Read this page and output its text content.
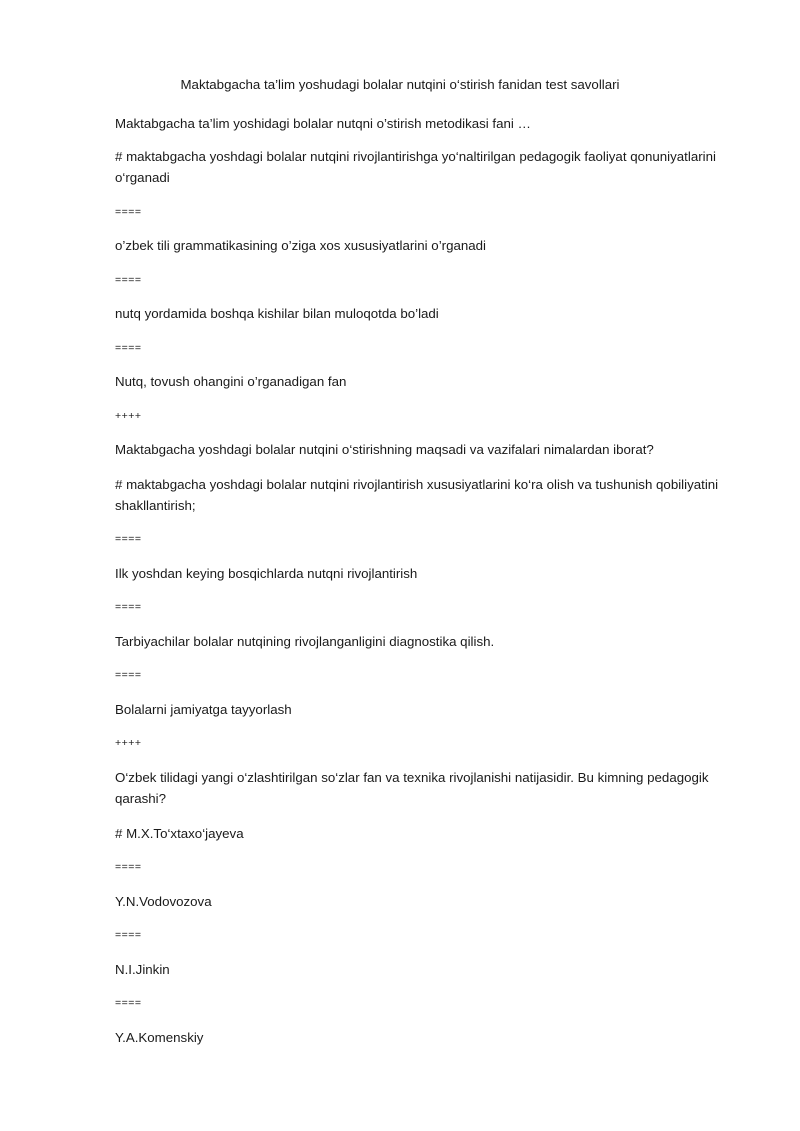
Maktabgacha ta’lim yoshudagi bolalar nutqini o‘stirish fanidan test savollari

Maktabgacha ta’lim yoshidagi bolalar nutqni o’stirish metodikasi fani …

# maktabgacha yoshdagi bolalar nutqini rivojlantirishga yo‘naltirilgan pedagogik faoliyat qonuniyatlarini o‘rganadi

====

o’zbek tili grammatikasining o’ziga xos xususiyatlarini o’rganadi

====

nutq yordamida boshqa kishilar bilan muloqotda bo’ladi

====

Nutq, tovush ohangini o’rganadigan fan

++++

Maktabgacha yoshdagi bolalar nutqini o‘stirishning maqsadi va vazifalari nimalardan iborat?

# maktabgacha yoshdagi bolalar nutqini rivojlantirish xususiyatlarini ko‘ra olish va tushunish qobiliyatini shakllantirish;

====

Ilk yoshdan keying bosqichlarda nutqni rivojlantirish

====

Tarbiyachilar bolalar nutqining rivojlanganligini diagnostika qilish.

====

Bolalarni jamiyatga tayyorlash

++++

O‘zbek tilidagi yangi o‘zlashtirilgan so‘zlar fan va texnika rivojlanishi natijasidir. Bu kimning pedagogik qarashi?

# M.X.To‘xtaxo‘jayeva

====

Y.N.Vodovozova

====

N.I.Jinkin

====

Y.A.Komenskiy
